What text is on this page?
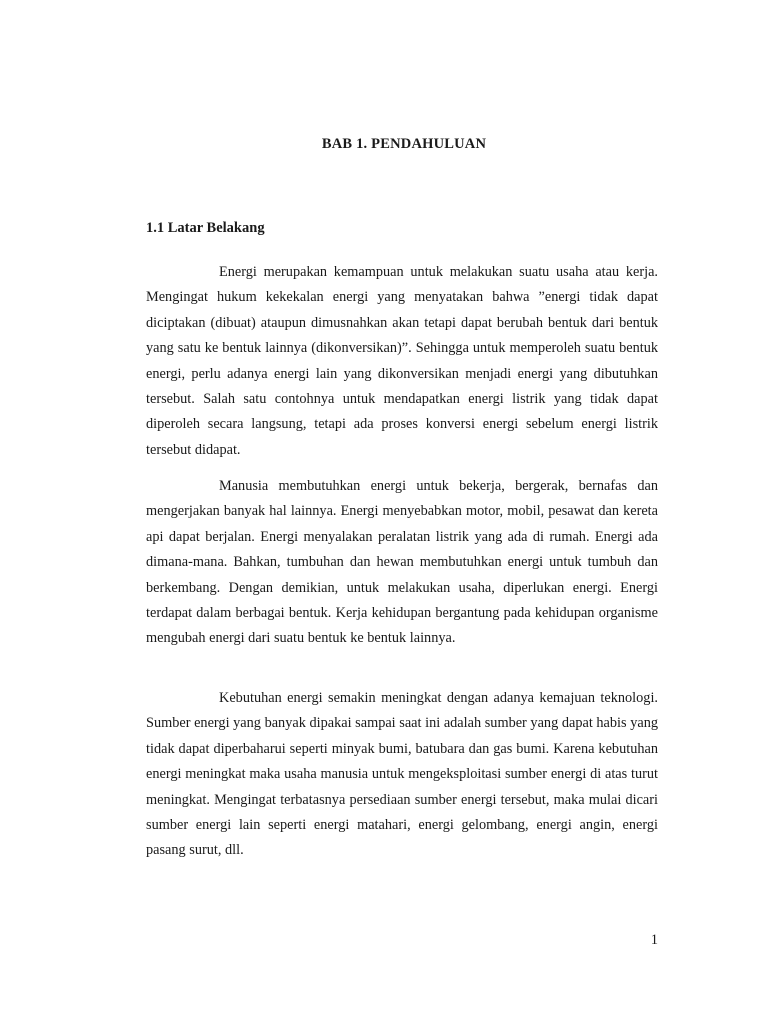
BAB 1. PENDAHULUAN
1.1 Latar Belakang

Energi merupakan kemampuan untuk melakukan suatu usaha atau kerja. Mengingat hukum kekekalan energi yang menyatakan bahwa ”energi tidak dapat diciptakan (dibuat) ataupun dimusnahkan akan tetapi dapat berubah bentuk dari bentuk yang satu ke bentuk lainnya (dikonversikan)”. Sehingga untuk memperoleh suatu bentuk energi, perlu adanya energi lain yang dikonversikan menjadi energi yang dibutuhkan tersebut. Salah satu contohnya untuk mendapatkan energi listrik yang tidak dapat diperoleh secara langsung, tetapi ada proses konversi energi sebelum energi listrik tersebut didapat.

Manusia membutuhkan energi untuk bekerja, bergerak, bernafas dan mengerjakan banyak hal lainnya. Energi menyebabkan motor, mobil, pesawat dan kereta api dapat berjalan. Energi menyalakan peralatan listrik yang ada di rumah. Energi ada dimana-mana. Bahkan, tumbuhan dan hewan membutuhkan energi untuk tumbuh dan berkembang. Dengan demikian, untuk melakukan usaha, diperlukan energi. Energi terdapat dalam berbagai bentuk. Kerja kehidupan bergantung pada kehidupan organisme mengubah energi dari suatu bentuk ke bentuk lainnya.

Kebutuhan energi semakin meningkat dengan adanya kemajuan teknologi. Sumber energi yang banyak dipakai sampai saat ini adalah sumber yang dapat habis yang tidak dapat diperbaharui seperti minyak bumi, batubara dan gas bumi. Karena kebutuhan energi meningkat maka usaha manusia untuk mengeksploitasi sumber energi di atas turut meningkat. Mengingat terbatasnya persediaan sumber energi tersebut, maka mulai dicari sumber energi lain seperti energi matahari, energi gelombang, energi angin, energi pasang surut, dll.

1
